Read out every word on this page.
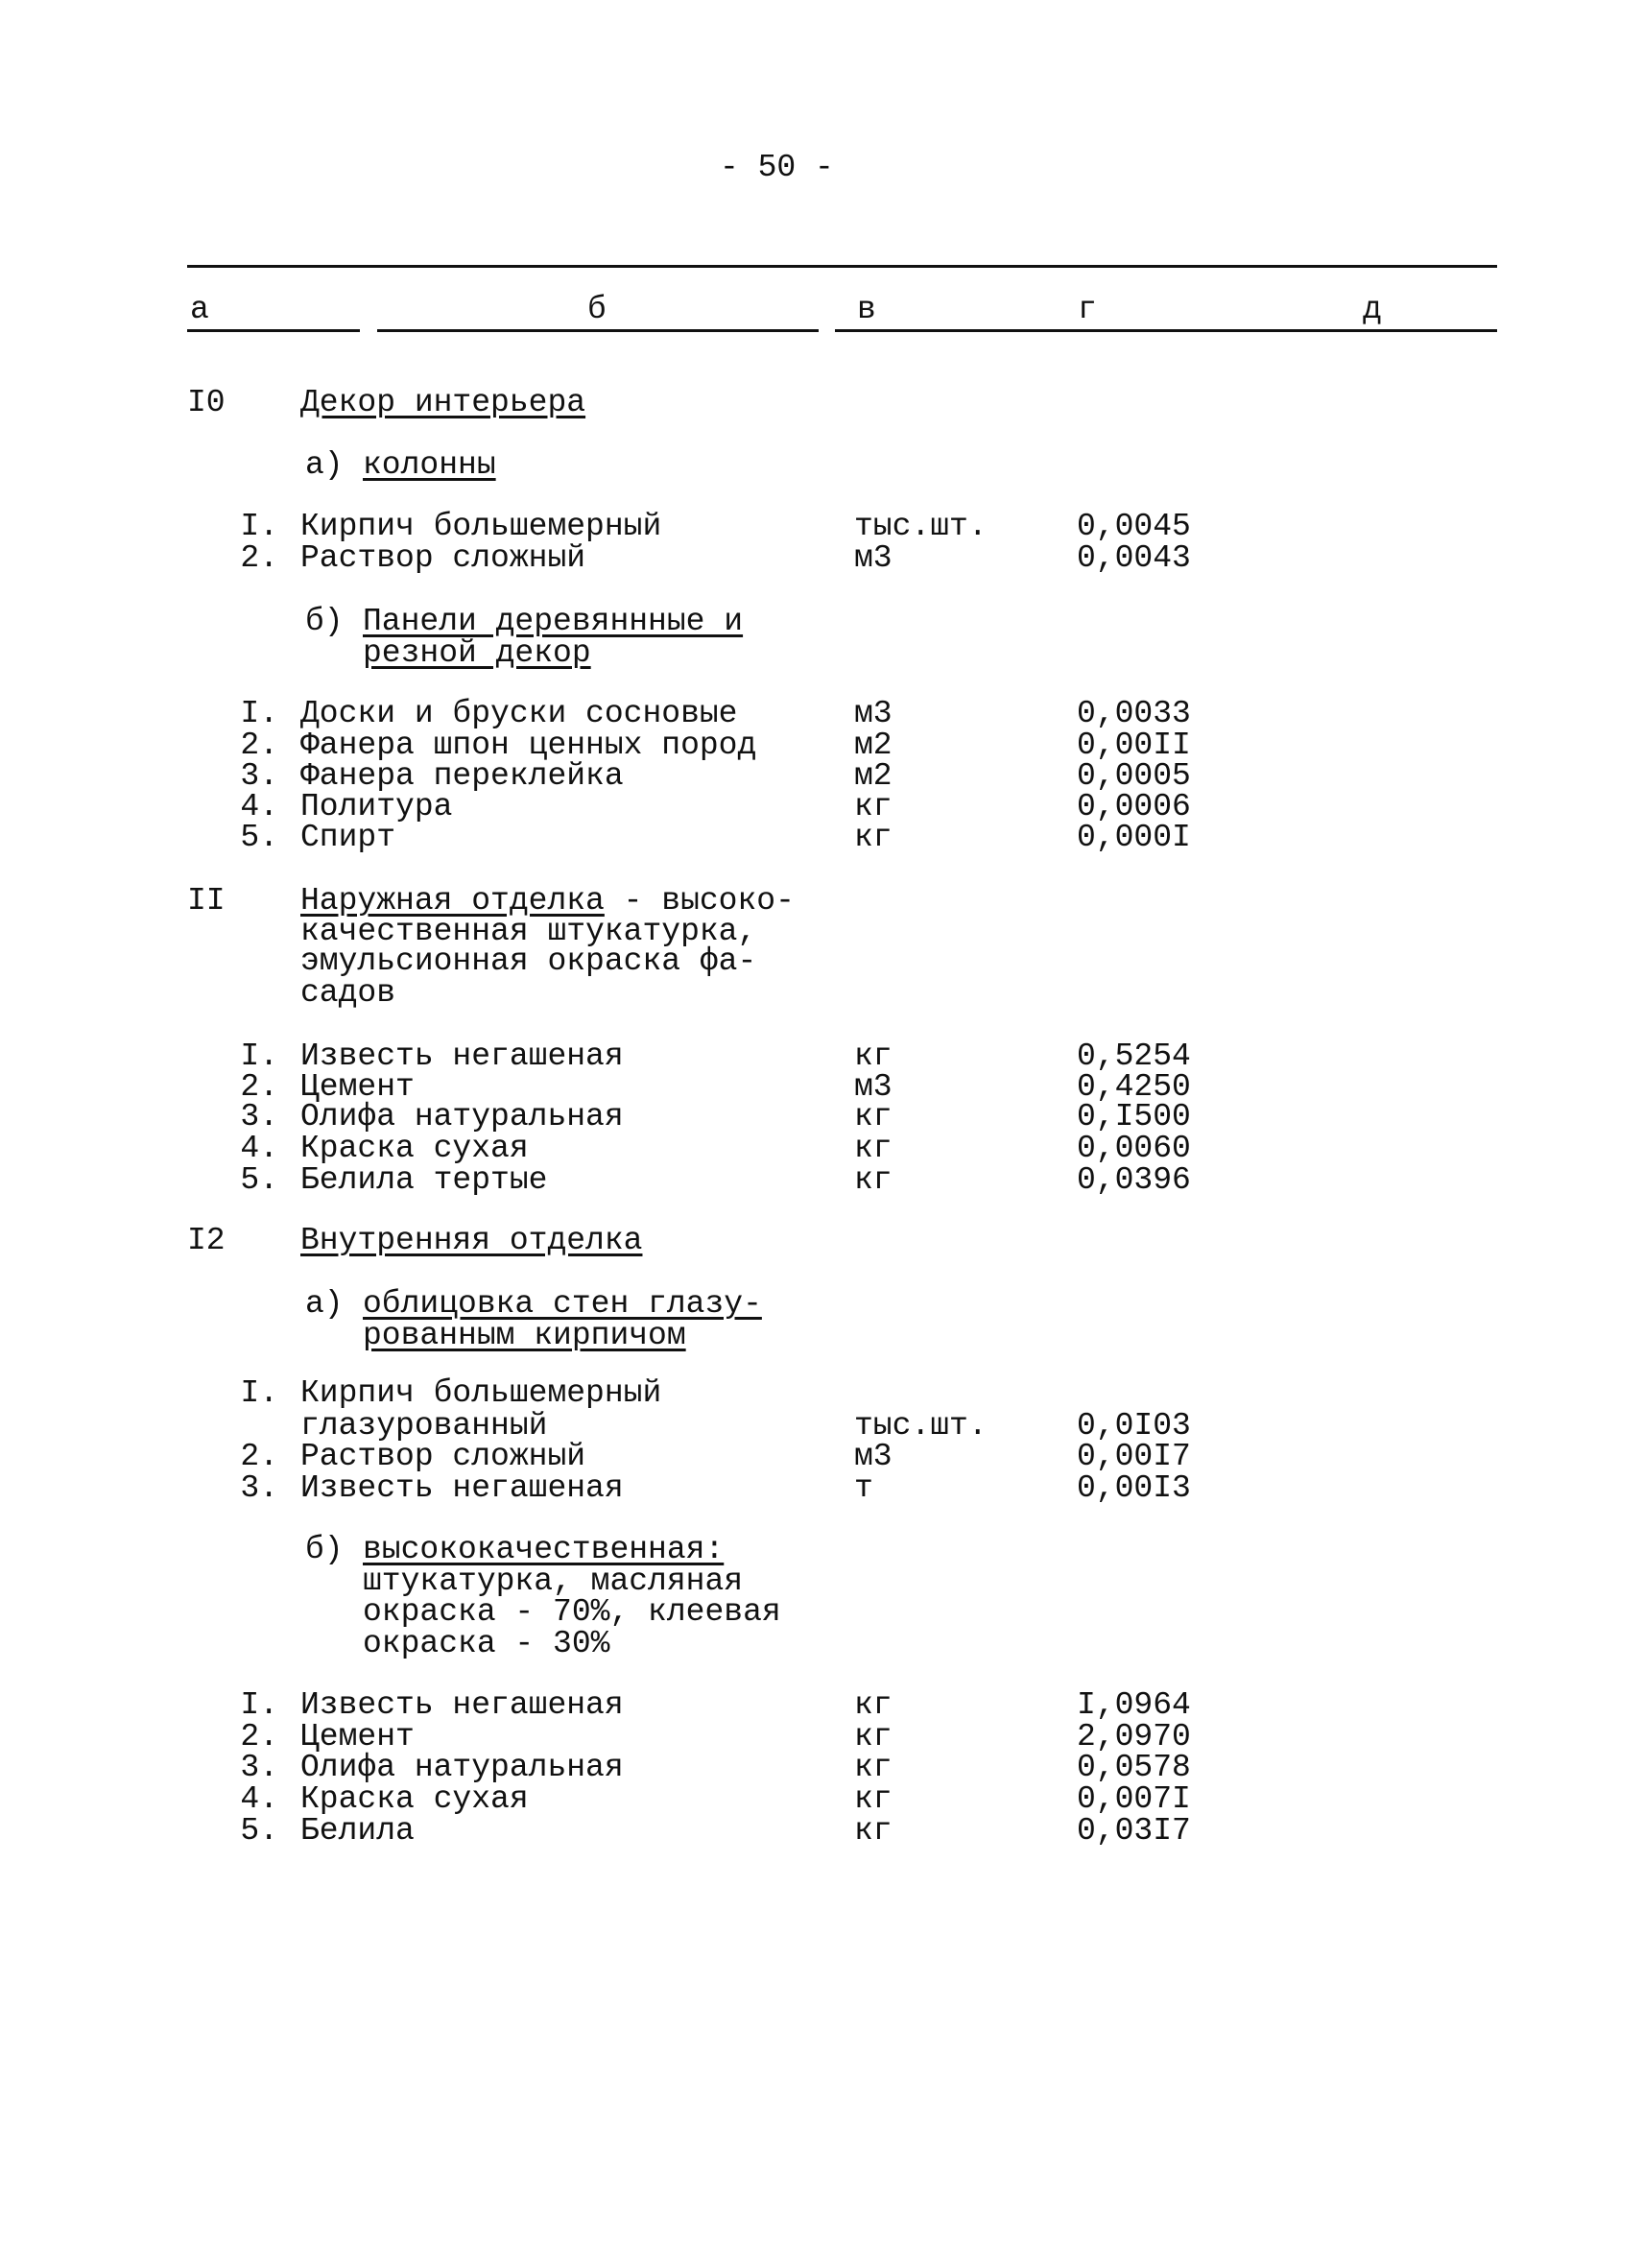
- 50 -
а	б	в	г	д
I0 Декор интерьера
а) колонны
I. Кирпич большемерный	тыс.шт.	0,0045
2. Раствор сложный	м3	0,0043
б) Панели деревяннные и
резной декор
I. Доски и бруски сосновые	м3	0,0033
2. Фанера шпон ценных пород	м2	0,00II
3. Фанера переклейка	м2	0,0005
4. Политура	кг	0,0006
5. Спирт	кг	0,000I
II Наружная отделка - высоко-
качественная штукатурка,
эмульсионная окраска фа-
садов
I. Известь негашеная	кг	0,5254
2. Цемент	м3	0,4250
3. Олифа натуральная	кг	0,I500
4. Краска сухая	кг	0,0060
5. Белила тертые	кг	0,0396
I2 Внутренняя отделка
а) облицовка стен глазу-
рованным кирпичом
I. Кирпич большемерный
глазурованный	тыс.шт.	0,0I03
2. Раствор сложный	м3	0,00I7
3. Известь негашеная	т	0,00I3
б) высококачественная:
штукатурка, масляная
окраска - 70%, клеевая
окраска - 30%
I. Известь негашеная	кг	I,0964
2. Цемент	кг	2,0970
3. Олифа натуральная	кг	0,0578
4. Краска сухая	кг	0,007I
5. Белила	кг	0,03I7
